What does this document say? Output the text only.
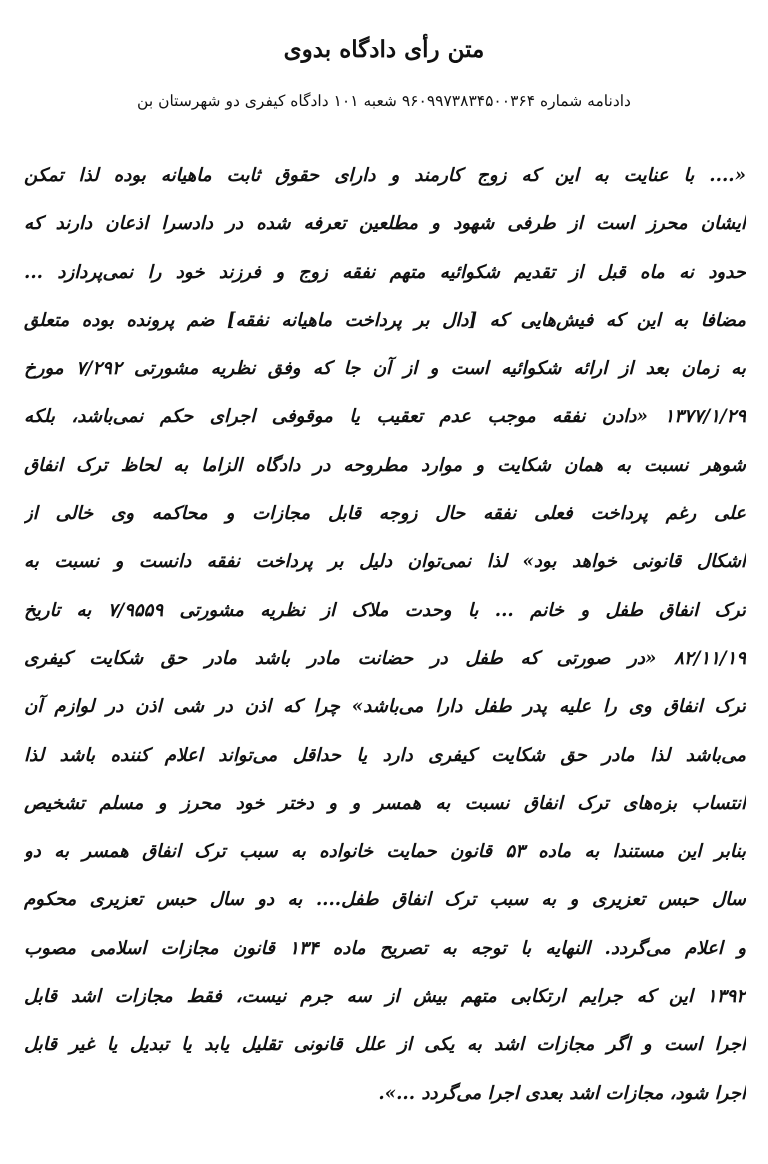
متن رأی دادگاه بدوی

دادنامه شماره ۹۶۰۹۹۷۳۸۳۴۵۰۰۳۶۴ شعبه ۱۰۱ دادگاه کیفری دو شهرستان بن

«.... با عنایت به این که زوج کارمند و دارای حقوق ثابت ماهیانه بوده لذا تمکن
ایشان محرز است از طرفی شهود و مطلعین تعرفه شده در دادسرا اذعان دارند که
حدود نه ماه قبل از تقدیم شکوائیه متهم نفقه زوج و فرزند خود را نمی‌پردازد ...
مضافا به این که فیش‌هایی که [دال بر پرداخت ماهیانه نفقه] ضم پرونده بوده متعلق
به زمان بعد از ارائه شکوائیه است و از آن جا که وفق نظریه مشورتی ۷/۲۹۲ مورخ
۱۳۷۷/۱/۲۹ «دادن نفقه موجب عدم تعقیب یا موقوفی اجرای حکم نمی‌باشد، بلکه
شوهر نسبت به همان شکایت و موارد مطروحه در دادگاه الزاما به لحاظ ترک انفاق
علی رغم پرداخت فعلی نفقه حال زوجه قابل مجازات و محاکمه وی خالی از
اشکال قانونی خواهد بود» لذا نمی‌توان دلیل بر پرداخت نفقه دانست و نسبت به
ترک انفاق طفل و خانم ... با وحدت ملاک از نظریه مشورتی ۷/۹۵۵۹ به تاریخ
۸۲/۱۱/۱۹ «در صورتی که طفل در حضانت مادر باشد مادر حق شکایت کیفری
ترک انفاق وی را علیه پدر طفل دارا می‌باشد» چرا که اذن در شی اذن در لوازم آن
می‌باشد لذا مادر حق شکایت کیفری دارد یا حداقل می‌تواند اعلام کننده باشد لذا
انتساب بزه‌های ترک انفاق نسبت به همسر و و دختر خود محرز و مسلم تشخیص
بنابر این مستندا به ماده ۵۳ قانون حمایت خانواده به سبب ترک انفاق همسر به دو
سال حبس تعزیری و به سبب ترک انفاق طفل.... به دو سال حبس تعزیری محکوم
و اعلام می‌گردد. النهایه با توجه به تصریح ماده ۱۳۴ قانون مجازات اسلامی مصوب
۱۳۹۲ این که جرایم ارتکابی متهم بیش از سه جرم نیست، فقط مجازات اشد قابل
اجرا است و اگر مجازات اشد به یکی از علل قانونی تقلیل یابد یا تبدیل یا غیر قابل
اجرا شود، مجازات اشد بعدی اجرا می‌گردد ...».
